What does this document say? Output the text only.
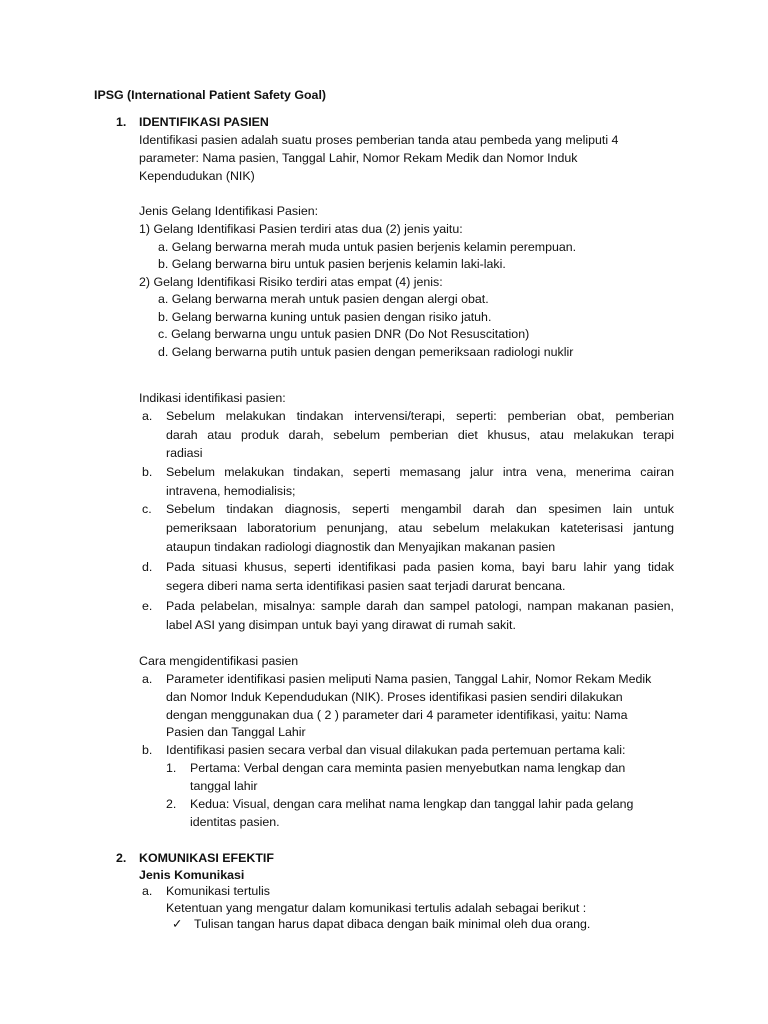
IPSG (International Patient Safety Goal)

1. IDENTIFIKASI PASIEN

Identifikasi pasien adalah suatu proses pemberian tanda atau pembeda yang meliputi 4

parameter: Nama pasien, Tanggal Lahir, Nomor Rekam Medik dan Nomor Induk

Kependudukan (NIK)

Jenis Gelang Identifikasi Pasien:

1) Gelang Identifikasi Pasien terdiri atas dua (2) jenis yaitu:

a. Gelang berwarna merah muda untuk pasien berjenis kelamin perempuan.

b. Gelang berwarna biru untuk pasien berjenis kelamin laki-laki.

2) Gelang Identifikasi Risiko terdiri atas empat (4) jenis:

a. Gelang berwarna merah untuk pasien dengan alergi obat.

b. Gelang berwarna kuning untuk pasien dengan risiko jatuh.

c. Gelang berwarna ungu untuk pasien DNR (Do Not Resuscitation)

d. Gelang berwarna putih untuk pasien dengan pemeriksaan radiologi nuklir

Indikasi identifikasi pasien:

a. Sebelum melakukan tindakan intervensi/terapi, seperti: pemberian obat, pemberian

darah atau produk darah, sebelum pemberian diet khusus, atau melakukan terapi

radiasi

b. Sebelum melakukan tindakan, seperti memasang jalur intra vena, menerima cairan

intravena, hemodialisis;

c. Sebelum tindakan diagnosis, seperti mengambil darah dan spesimen lain untuk

pemeriksaan laboratorium penunjang, atau sebelum melakukan kateterisasi jantung

ataupun tindakan radiologi diagnostik dan Menyajikan makanan pasien

d. Pada situasi khusus, seperti identifikasi pada pasien koma, bayi baru lahir yang tidak

segera diberi nama serta identifikasi pasien saat terjadi darurat bencana.

e. Pada pelabelan, misalnya: sample darah dan sampel patologi, nampan makanan pasien,

label ASI yang disimpan untuk bayi yang dirawat di rumah sakit.

Cara mengidentifikasi pasien

a. Parameter identifikasi pasien meliputi Nama pasien, Tanggal Lahir, Nomor Rekam Medik

dan Nomor Induk Kependudukan (NIK). Proses identifikasi pasien sendiri dilakukan

dengan menggunakan dua ( 2 ) parameter dari 4 parameter identifikasi, yaitu: Nama

Pasien dan Tanggal Lahir

b. Identifikasi pasien secara verbal dan visual dilakukan pada pertemuan pertama kali:

1. Pertama: Verbal dengan cara meminta pasien menyebutkan nama lengkap dan

tanggal lahir

2. Kedua: Visual, dengan cara melihat nama lengkap dan tanggal lahir pada gelang

identitas pasien.

2. KOMUNIKASI EFEKTIF

Jenis Komunikasi

a. Komunikasi tertulis

Ketentuan yang mengatur dalam komunikasi tertulis adalah sebagai berikut :

✓ Tulisan tangan harus dapat dibaca dengan baik minimal oleh dua orang.
